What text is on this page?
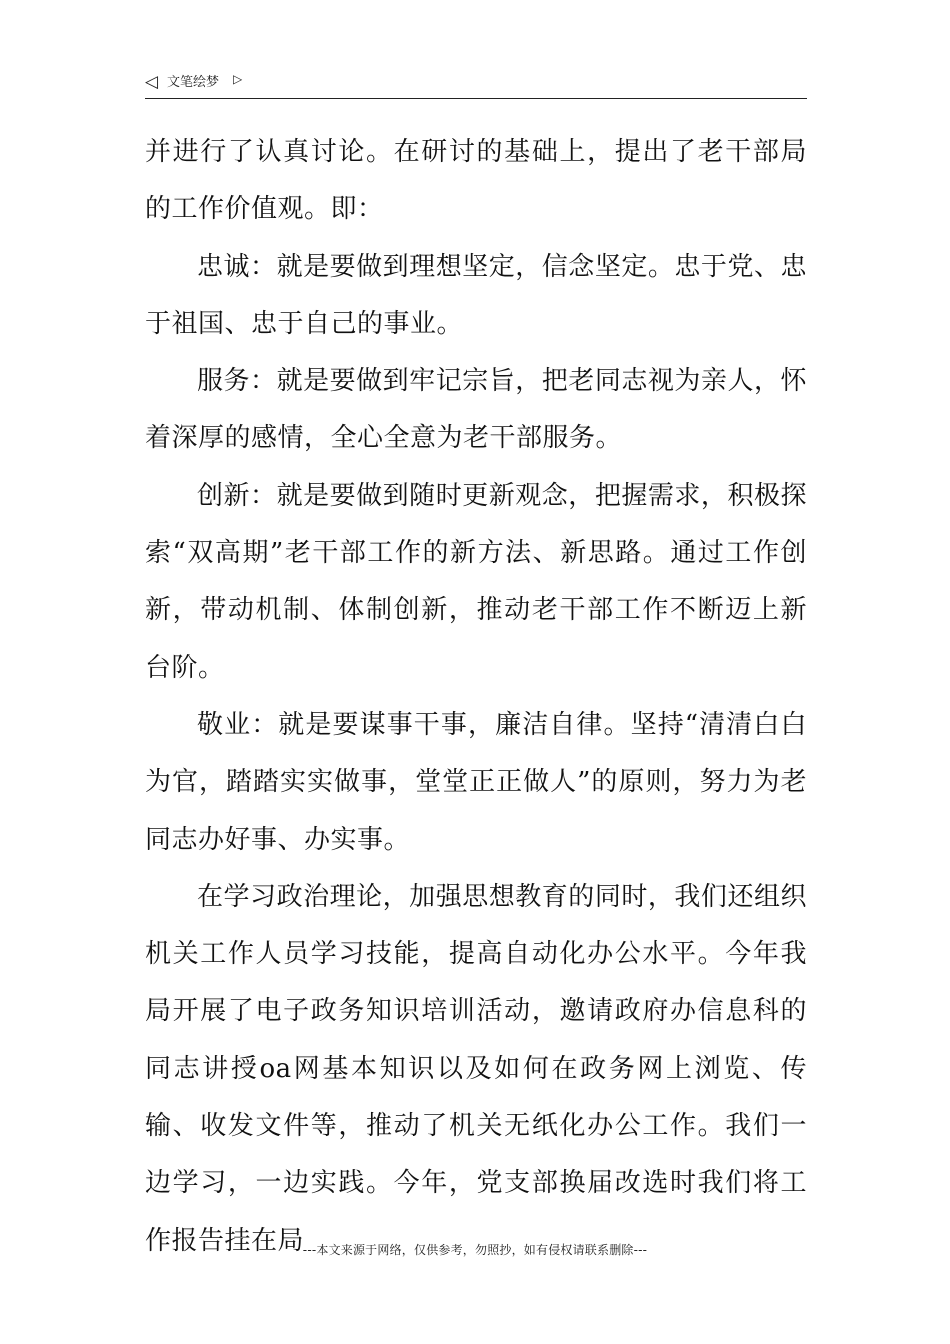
◁ 文笔绘梦 ▷

并进行了认真讨论。在研讨的基础上，提出了老干部局的工作价值观。即：

忠诚：就是要做到理想坚定，信念坚定。忠于党、忠于祖国、忠于自己的事业。

服务：就是要做到牢记宗旨，把老同志视为亲人，怀着深厚的感情，全心全意为老干部服务。

创新：就是要做到随时更新观念，把握需求，积极探索“双高期”老干部工作的新方法、新思路。通过工作创新，带动机制、体制创新，推动老干部工作不断迈上新台阶。

敬业：就是要谋事干事，廉洁自律。坚持“清清白白为官，踏踏实实做事，堂堂正正做人”的原则，努力为老同志办好事、办实事。

在学习政治理论，加强思想教育的同时，我们还组织机关工作人员学习技能，提高自动化办公水平。今年我局开展了电子政务知识培训活动，邀请政府办信息科的同志讲授oa网基本知识以及如何在政务网上浏览、传输、收发文件等，推动了机关无纸化办公工作。我们一边学习，一边实践。今年，党支部换届改选时我们将工作报告挂在局

---本文来源于网络，仅供参考，勿照抄，如有侵权请联系删除---
